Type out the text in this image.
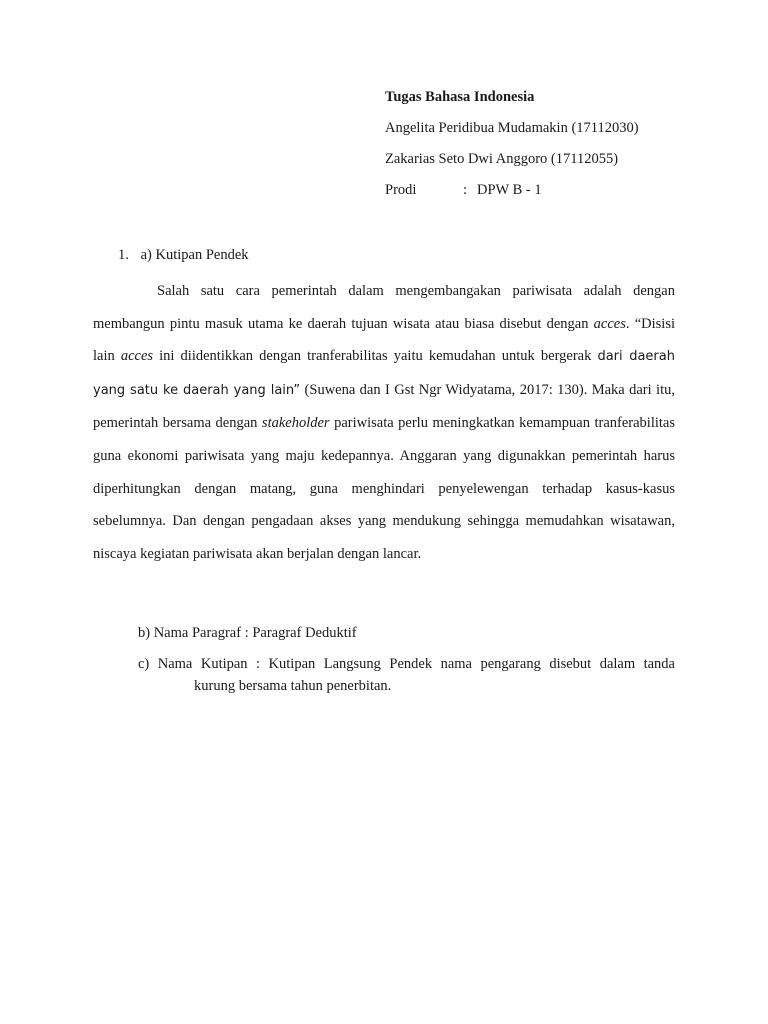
Tugas Bahasa Indonesia
Angelita Peridibua Mudamakin (17112030)
Zakarias Seto Dwi Anggoro (17112055)
Prodi	: DPW B - 1
1. a) Kutipan Pendek

Salah satu cara pemerintah dalam mengembangakan pariwisata adalah dengan membangun pintu masuk utama ke daerah tujuan wisata atau biasa disebut dengan acces. “Disisi lain acces ini diidentikkan dengan tranferabilitas yaitu kemudahan untuk bergerak dari daerah yang satu ke daerah yang lain” (Suwena dan I Gst Ngr Widyatama, 2017: 130). Maka dari itu, pemerintah bersama dengan stakeholder pariwisata perlu meningkatkan kemampuan tranferabilitas guna ekonomi pariwisata yang maju kedepannya. Anggaran yang digunakkan pemerintah harus diperhitungkan dengan matang, guna menghindari penyelewengan terhadap kasus-kasus sebelumnya. Dan dengan pengadaan akses yang mendukung sehingga memudahkan wisatawan, niscaya kegiatan pariwisata akan berjalan dengan lancar.

b) Nama Paragraf : Paragraf Deduktif
c) Nama Kutipan : Kutipan Langsung Pendek nama pengarang disebut dalam tanda
kurung bersama tahun penerbitan.
